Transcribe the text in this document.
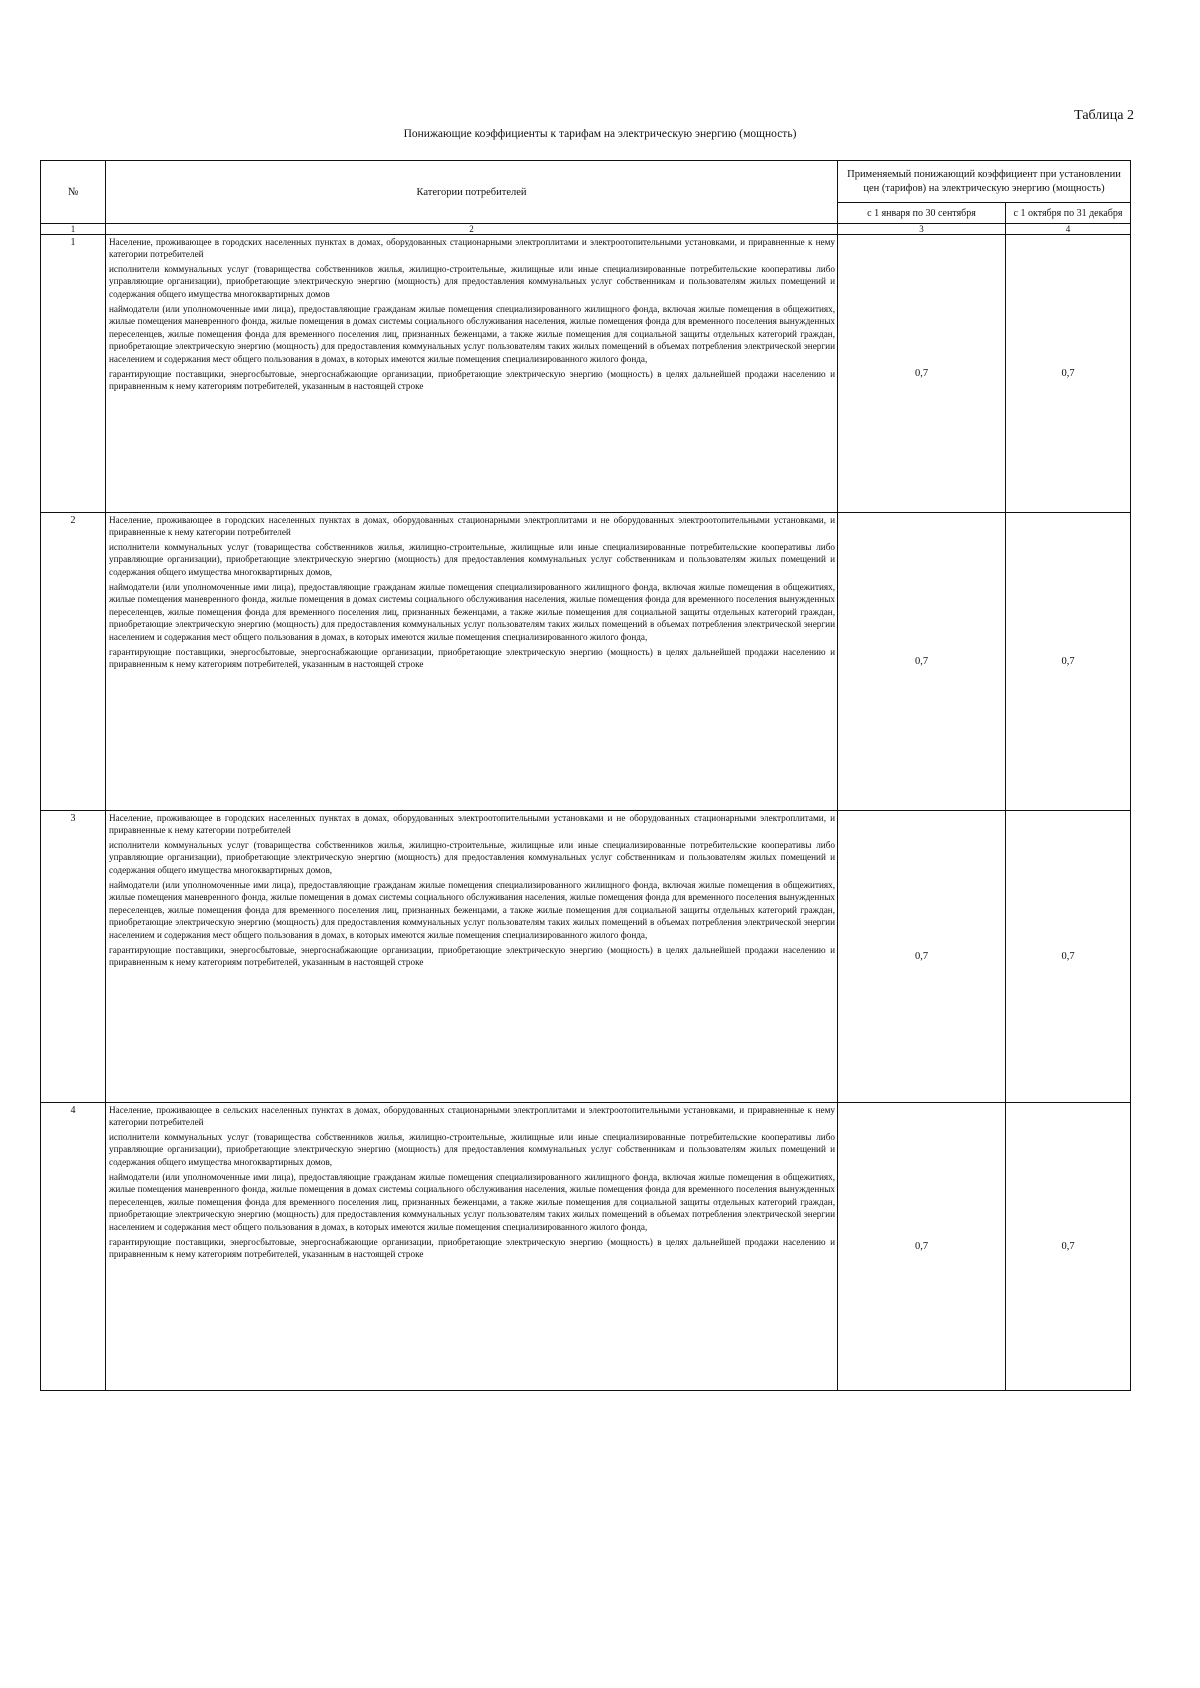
Таблица 2
Понижающие коэффициенты к тарифам на электрическую энергию (мощность)
№	Категории потребителей	Применяемый понижающий коэффициент при установлении цен (тарифов) на электрическую энергию (мощность)	
		с 1 января по 30 сентября	с 1 октября по 31 декабря
1	2	3	4
1	Население, проживающее в городских населенных пунктах в домах, оборудованных стационарными электроплитами и электроотопительными установками, и приравненные к нему категории потребителей

исполнители коммунальных услуг (товарищества собственников жилья, жилищно-строительные, жилищные или иные специализированные потребительские кооперативы либо управляющие организации), приобретающие электрическую энергию (мощность) для предоставления коммунальных услуг собственникам и пользователям жилых помещений и содержания общего имущества многоквартирных домов

наймодатели (или уполномоченные ими лица), предоставляющие гражданам жилые помещения специализированного жилищного фонда, включая жилые помещения в общежитиях, жилые помещения маневренного фонда, жилые помещения в домах системы социального обслуживания населения, жилые помещения фонда для временного поселения вынужденных переселенцев, жилые помещения фонда для временного поселения лиц, признанных беженцами, а также жилые помещения для социальной защиты отдельных категорий граждан, приобретающие электрическую энергию (мощность) для предоставления коммунальных услуг пользователям таких жилых помещений в объемах потребления электрической энергии населением и содержания мест общего пользования в домах, в которых имеются жилые помещения специализированного жилого фонда,

гарантирующие поставщики, энергосбытовые, энергоснабжающие организации, приобретающие электрическую энергию (мощность) в целях дальнейшей продажи населению и приравненным к нему категориям потребителей, указанным в настоящей строке	0,7	0,7
2	Население, проживающее в городских населенных пунктах в домах, оборудованных стационарными электроплитами и не оборудованных электроотопительными установками, и приравненные к нему категории потребителей

исполнители коммунальных услуг (товарищества собственников жилья, жилищно-строительные, жилищные или иные специализированные потребительские кооперативы либо управляющие организации), приобретающие электрическую энергию (мощность) для предоставления коммунальных услуг собственникам и пользователям жилых помещений и содержания общего имущества многоквартирных домов,

наймодатели (или уполномоченные ими лица), предоставляющие гражданам жилые помещения специализированного жилищного фонда, включая жилые помещения в общежитиях, жилые помещения маневренного фонда, жилые помещения в домах системы социального обслуживания населения, жилые помещения фонда для временного поселения вынужденных переселенцев, жилые помещения фонда для временного поселения лиц, признанных беженцами, а также жилые помещения для социальной защиты отдельных категорий граждан, приобретающие электрическую энергию (мощность) для предоставления коммунальных услуг пользователям таких жилых помещений в объемах потребления электрической энергии населением и содержания мест общего пользования в домах, в которых имеются жилые помещения специализированного жилого фонда,

гарантирующие поставщики, энергосбытовые, энергоснабжающие организации, приобретающие электрическую энергию (мощность) в целях дальнейшей продажи населению и приравненным к нему категориям потребителей, указанным в настоящей строке	0,7	0,7
3	Население, проживающее в городских населенных пунктах в домах, оборудованных электроотопительными установками и не оборудованных стационарными электроплитами, и приравненные к нему категории потребителей

исполнители коммунальных услуг (товарищества собственников жилья, жилищно-строительные, жилищные или иные специализированные потребительские кооперативы либо управляющие организации), приобретающие электрическую энергию (мощность) для предоставления коммунальных услуг собственникам и пользователям жилых помещений и содержания общего имущества многоквартирных домов,

наймодатели (или уполномоченные ими лица), предоставляющие гражданам жилые помещения специализированного жилищного фонда, включая жилые помещения в общежитиях, жилые помещения маневренного фонда, жилые помещения в домах системы социального обслуживания населения, жилые помещения фонда для временного поселения вынужденных переселенцев, жилые помещения фонда для временного поселения лиц, признанных беженцами, а также жилые помещения для социальной защиты отдельных категорий граждан, приобретающие электрическую энергию (мощность) для предоставления коммунальных услуг пользователям таких жилых помещений в объемах потребления электрической энергии населением и содержания мест общего пользования в домах, в которых имеются жилые помещения специализированного жилого фонда,

гарантирующие поставщики, энергосбытовые, энергоснабжающие организации, приобретающие электрическую энергию (мощность) в целях дальнейшей продажи населению и приравненным к нему категориям потребителей, указанным в настоящей строке	0,7	0,7
4	Население, проживающее в сельских населенных пунктах в домах, оборудованных стационарными электроплитами и электроотопительными установками, и приравненные к нему категории потребителей

исполнители коммунальных услуг (товарищества собственников жилья, жилищно-строительные, жилищные или иные специализированные потребительские кооперативы либо управляющие организации), приобретающие электрическую энергию (мощность) для предоставления коммунальных услуг собственникам и пользователям жилых помещений и содержания общего имущества многоквартирных домов,

наймодатели (или уполномоченные ими лица), предоставляющие гражданам жилые помещения специализированного жилищного фонда, включая жилые помещения в общежитиях, жилые помещения маневренного фонда, жилые помещения в домах системы социального обслуживания населения, жилые помещения фонда для временного поселения вынужденных переселенцев, жилые помещения фонда для временного поселения лиц, признанных беженцами, а также жилые помещения для социальной защиты отдельных категорий граждан, приобретающие электрическую энергию (мощность) для предоставления коммунальных услуг пользователям таких жилых помещений в объемах потребления электрической энергии населением и содержания мест общего пользования в домах, в которых имеются жилые помещения специализированного жилого фонда,

гарантирующие поставщики, энергосбытовые, энергоснабжающие организации, приобретающие электрическую энергию (мощность) в целях дальнейшей продажи населению и приравненным к нему категориям потребителей, указанным в настоящей строке	0,7	0,7
